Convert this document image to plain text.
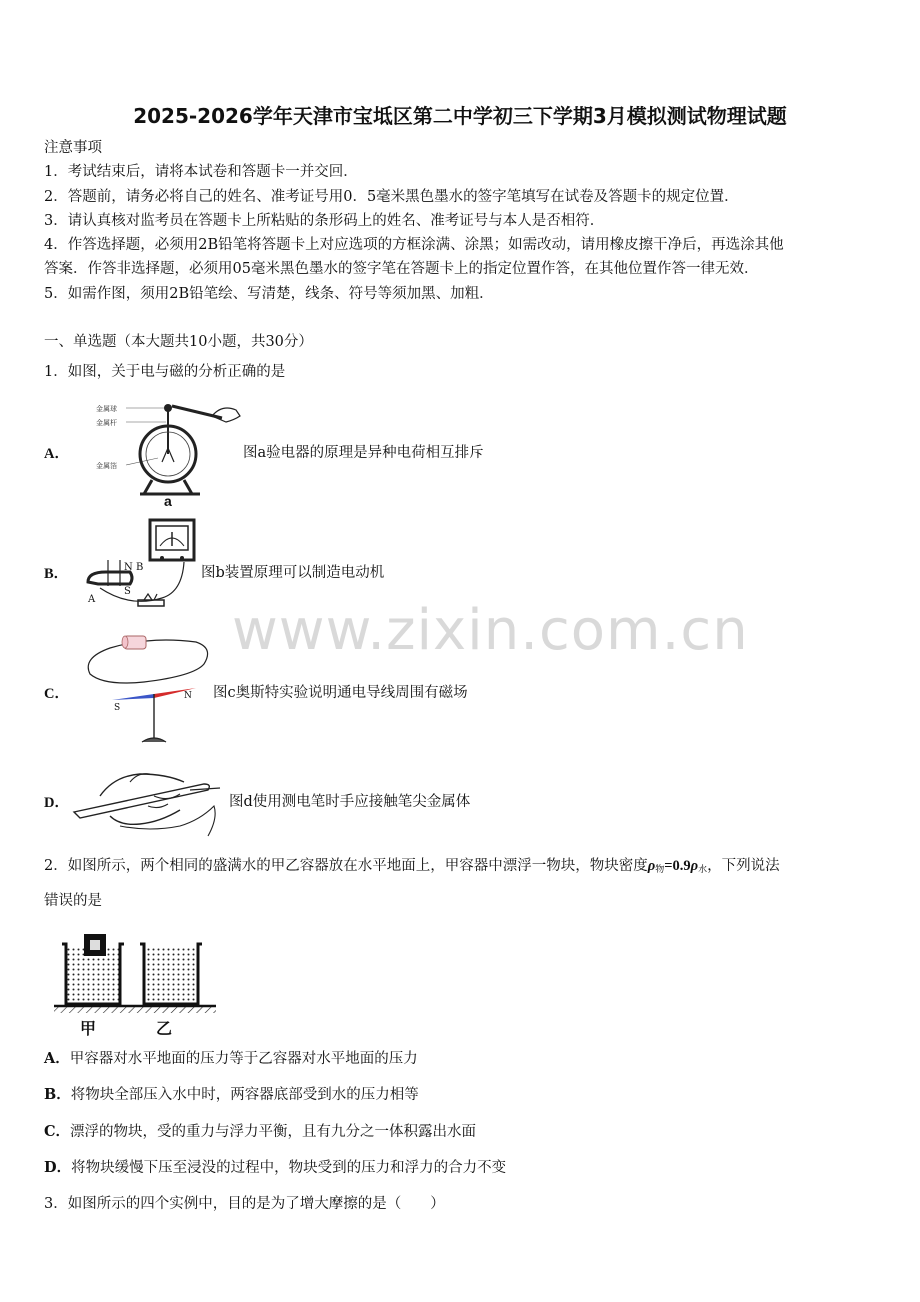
2025-2026学年天津市宝坻区第二中学初三下学期3月模拟测试物理试题
注意事项
1．考试结束后，请将本试卷和答题卡一并交回．
2．答题前，请务必将自己的姓名、准考证号用0．5毫米黑色墨水的签字笔填写在试卷及答题卡的规定位置．
3．请认真核对监考员在答题卡上所粘贴的条形码上的姓名、准考证号与本人是否相符．
4．作答选择题，必须用2B铅笔将答题卡上对应选项的方框涂满、涂黑；如需改动，请用橡皮擦干净后，再选涂其他
答案．作答非选择题，必须用05毫米黑色墨水的签字笔在答题卡上的指定位置作答，在其他位置作答一律无效．
5．如需作图，须用2B铅笔绘、写清楚，线条、符号等须加黑、加粗．
一、单选题（本大题共10小题，共30分）
1．如图，关于电与磁的分析正确的是
A．
金属球
金属杆
金属箔
a
图a验电器的原理是异种电荷相互排斥
B．	N B
A
S
图b装置原理可以制造电动机
C．
S
N 图c奥斯特实验说明通电导线周围有磁场
D．	图d使用测电笔时手应接触笔尖金属体
www.zixin.com.cn
2．如图所示，两个相同的盛满水的甲乙容器放在水平地面上，甲容器中漂浮一物块，物块密度$\rho_物=0.9\rho_水$，下列说法
错误的是
甲	乙
A．甲容器对水平地面的压力等于乙容器对水平地面的压力
B．将物块全部压入水中时，两容器底部受到水的压力相等
C．漂浮的物块，受的重力与浮力平衡，且有九分之一体积露出水面
D．将物块缓慢下压至浸没的过程中，物块受到的压力和浮力的合力不变
3．如图所示的四个实例中，目的是为了增大摩擦的是（　　）
